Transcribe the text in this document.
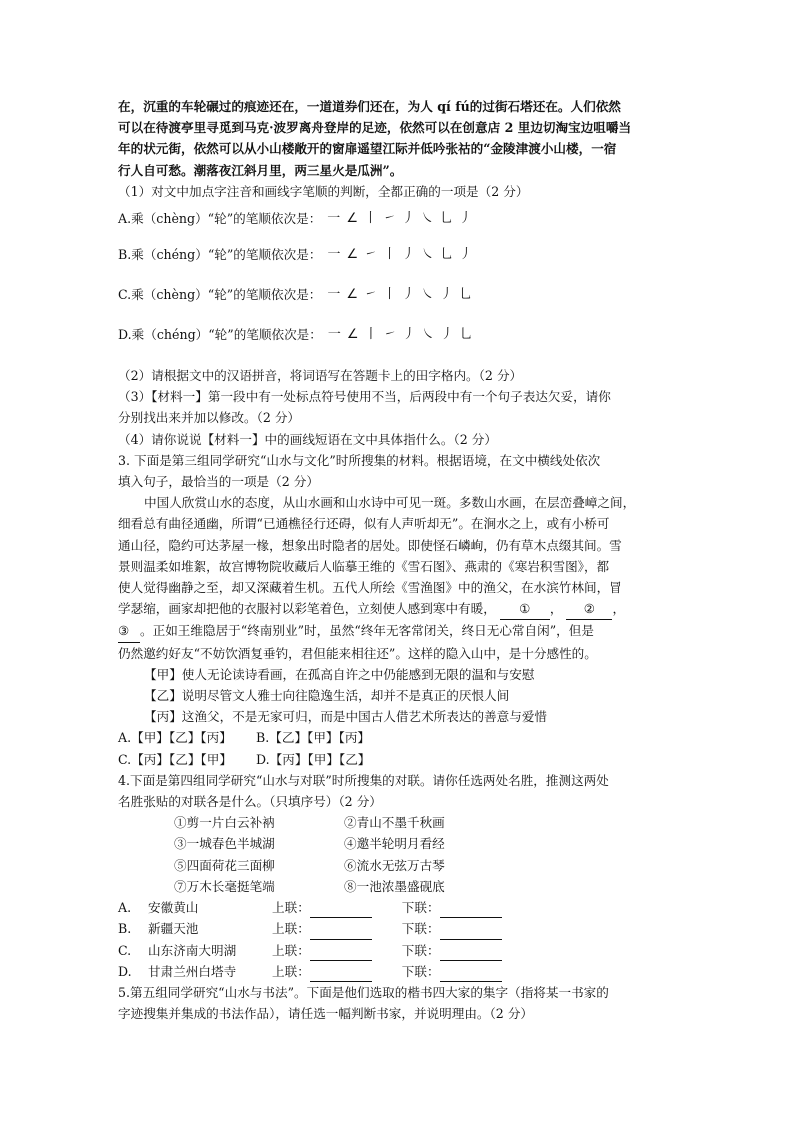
在，沉重的车轮碾过的痕迹还在，一道道券们还在，为人 qí fú的过街石塔还在。人们依然

可以在待渡亭里寻觅到马克·波罗离舟登岸的足迹，依然可以在创意店 2 里边切淘宝边咀嚼当

年的状元街，依然可以从小山楼敞开的窗扉遥望江际并低吟张祜的“金陵津渡小山楼，一宿

行人自可愁。潮落夜江斜月里，两三星火是瓜洲”。

（1）对文中加点字注音和画线字笔顺的判断，全都正确的一项是（2 分）

A.乘（chèng）“轮”的笔顺依次是： 一 ∠ 丨 ㇀ 丿 ㇏ 乚 丿
B.乘（chéng）“轮”的笔顺依次是： 一 ∠ ㇀ 丨 丿 ㇏ 乚 丿
C.乘（chèng）“轮”的笔顺依次是： 一 ∠ ㇀ 丨 丿 ㇏ 丿 乚
D.乘（chéng）“轮”的笔顺依次是： 一 ∠ 丨 ㇀ 丿 ㇏ 丿 乚

（2）请根据文中的汉语拼音，将词语写在答题卡上的田字格内。（2 分）

（3）【材料一】第一段中有一处标点符号使用不当，后两段中有一个句子表达欠妥，请你

分别找出来并加以修改。（2 分）

（4）请你说说【材料一】中的画线短语在文中具体指什么。（2 分）

3. 下面是第三组同学研究“山水与文化”时所搜集的材料。根据语境，在文中横线处依次

填入句子，最恰当的一项是（2 分）

中国人欣赏山水的态度，从山水画和山水诗中可见一斑。多数山水画，在层峦叠嶂之间，

细看总有曲径通幽，所谓“已通樵径行还碍，似有人声听却无”。在涧水之上，或有小桥可

通山径，隐约可达茅屋一椽，想象出时隐者的居处。即使怪石嶙峋，仍有草木点缀其间。雪

景则温柔如堆絮，故宫博物院收藏后人临摹王维的《雪石图》、燕肃的《寒岩积雪图》，都

使人觉得幽静之至，却又深藏着生机。五代人所绘《雪渔图》中的渔父，在水滨竹林间，冒

学瑟缩，画家却把他的衣服衬以彩笔着色，立刻使人感到寒中有暖， ① ， ② ，

③ 。正如王维隐居于“终南别业”时，虽然“终年无客常闭关，终日无心常自闲”，但是

仍然邀约好友“不妨饮酒复垂钓，君但能来相往还”。这样的隐入山中，是十分感性的。

【甲】使人无论读诗看画，在孤高自许之中仍能感到无限的温和与安慰

【乙】说明尽管文人雅士向往隐逸生活，却并不是真正的厌恨人间

【丙】这渔父，不是无家可归，而是中国古人借艺术所表达的善意与爱惜

A.【甲】【乙】【丙】 B.【乙】【甲】【丙】

C.【丙】【乙】【甲】 D.【丙】【甲】【乙】

4.下面是第四组同学研究“山水与对联”时所搜集的对联。请你任选两处名胜，推测这两处

名胜张贴的对联各是什么。（只填序号）（2 分）

①剪一片白云补衲	②青山不墨千秋画
③一城春色半城湖	④邀半轮明月看经
⑤四面荷花三面柳	⑥流水无弦万古琴
⑦万木长毫挺笔端	⑧一池浓墨盛砚底
A.	安徽黄山	上联：	下联：
B.	新疆天池	上联：	下联：
C.	山东济南大明湖	上联：	下联：
D.	甘肃兰州白塔寺	上联：	下联：

5.第五组同学研究“山水与书法”。下面是他们选取的楷书四大家的集字（指将某一书家的

字迹搜集并集成的书法作品），请任选一幅判断书家，并说明理由。（2 分）
